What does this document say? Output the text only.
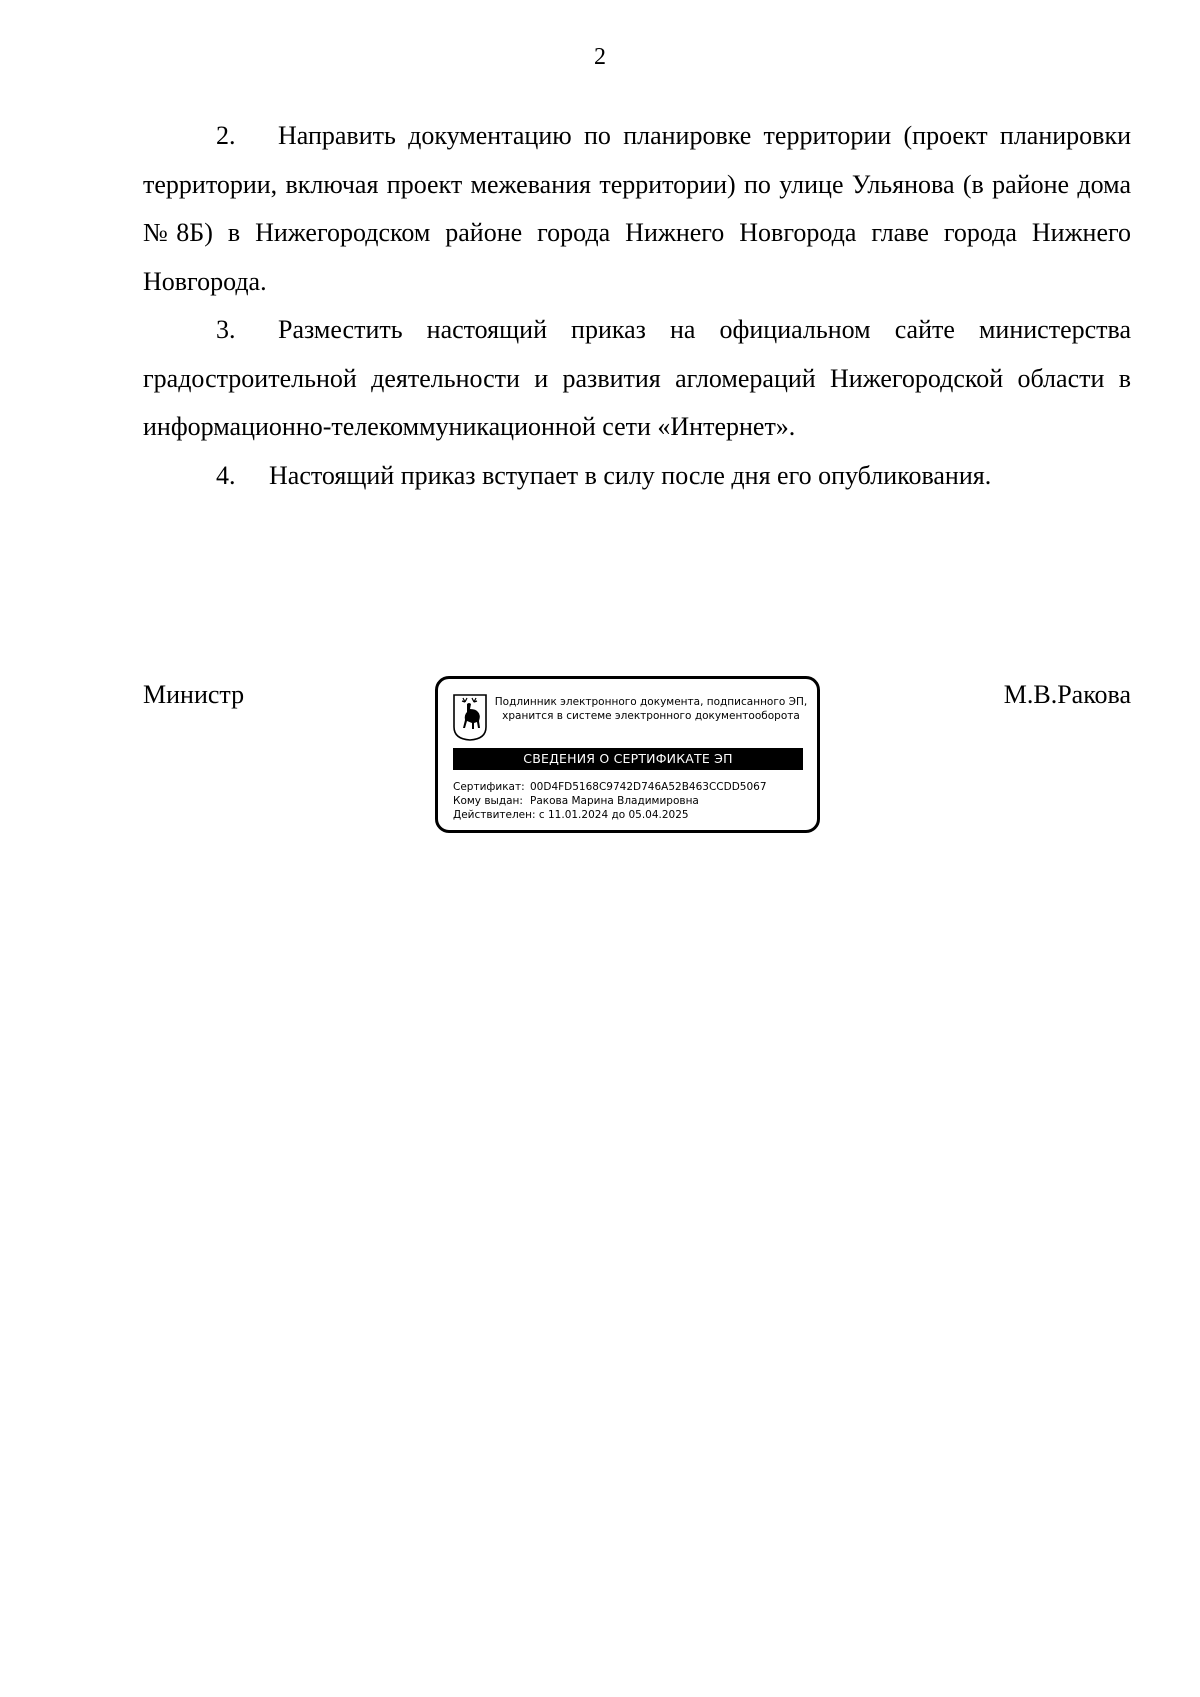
2

2. Направить документацию по планировке территории (проект планировки территории, включая проект межевания территории) по улице Ульянова (в районе дома №8Б) в Нижегородском районе города Нижнего Новгорода главе города Нижнего Новгорода.

3. Разместить настоящий приказ на официальном сайте министерства градостроительной деятельности и развития агломераций Нижегородской области в информационно-телекоммуникационной сети «Интернет».

4. Настоящий приказ вступает в силу после дня его опубликования.

Министр	М.В.Ракова
Подлинник электронного документа, подписанного ЭП,
хранится в системе электронного документооборота
СВЕДЕНИЯ О СЕРТИФИКАТЕ ЭП
Сертификат: 00D4FD5168C9742D746A52B463CCDD5067
Кому выдан: Ракова Марина Владимировна
Действителен: с 11.01.2024 до 05.04.2025
